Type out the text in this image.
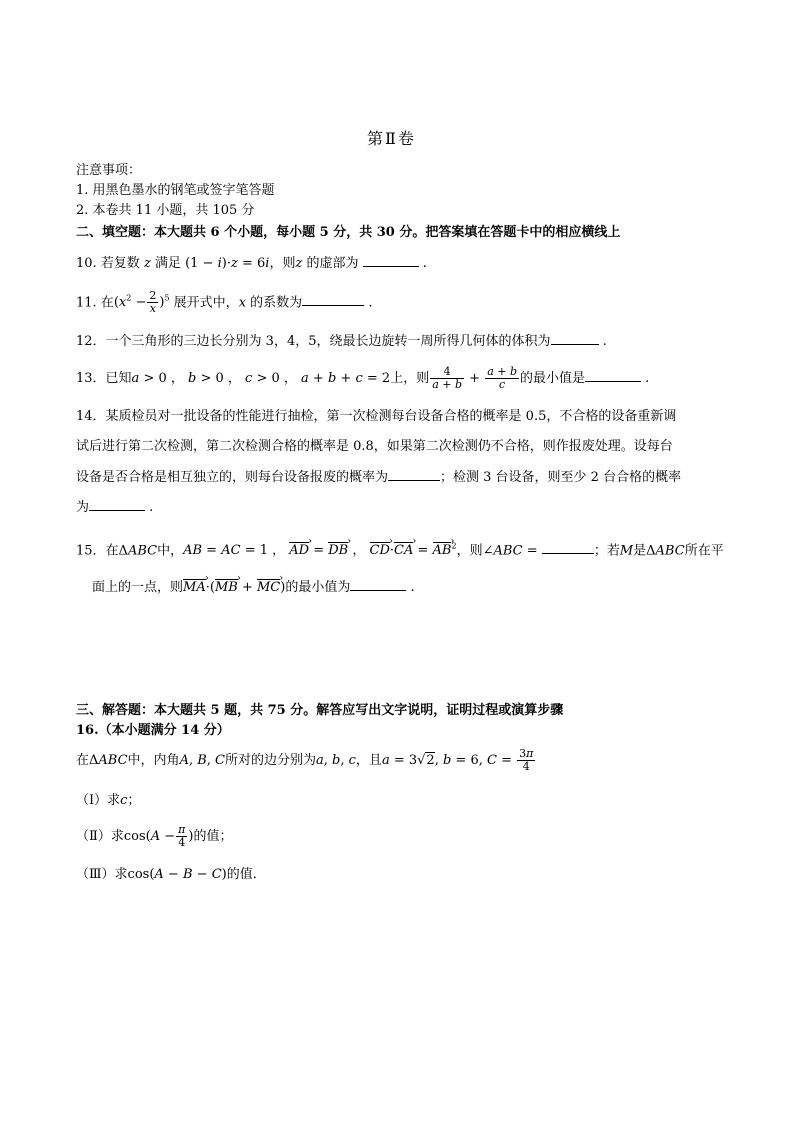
第Ⅱ卷
注意事项：
1. 用黑色墨水的钢笔或签字笔答题
2. 本卷共 11 小题，共 105 分
二、填空题：本大题共 6 个小题，每小题 5 分，共 30 分。把答案填在答题卡中的相应横线上
10. 若复数 z 满足 (1 − i)·z = 6i，则z 的虚部为	.
11. 在$(x^2 - \frac{2}{x} )^5$ 展开式中，x 的系数为	.
12．一个三角形的三边长分别为 3，4，5，绕最长边旋转一周所得几何体的体积为	.
13．已知a > 0 ， b > 0 ， c > 0 ， a + b + c = 2上，则 $\frac{4}{a + b} + \frac{a + b}{c}$ 的最小值是	.
14．某质检员对一批设备的性能进行抽检，第一次检测每台设备合格的概率是 0.5，不合格的设备重新调
试后进行第二次检测，第二次检测合格的概率是 0.8，如果第二次检测仍不合格，则作报废处理。设每台
设备是否合格是相互独立的，则每台设备报废的概率为	；检测 3 台设备，则至少 2 台合格的概率
为	.
15．在ΔABC中，AB = AC = 1 ， AD › = DB › ， CD ›·CA › = AB ›$^2$，则∠ABC =	；若M是ΔABC所在平
面上的一点，则MA ›·(MB › + MC ›)的最小值为	.
三、解答题：本大题共 5 题，共 75 分。解答应写出文字说明，证明过程或演算步骤
16.（本小题满分 14 分）
在ΔABC中，内角A, B, C所对的边分别为a, b, c，且a = 3√2, b = 6, $C = \frac{3\pi}{4}$
（Ⅰ）求c；
（Ⅱ）求$\cos(A - \frac{\pi}{4}$ )的值；
（Ⅲ）求cos(A − B − C)的值．
